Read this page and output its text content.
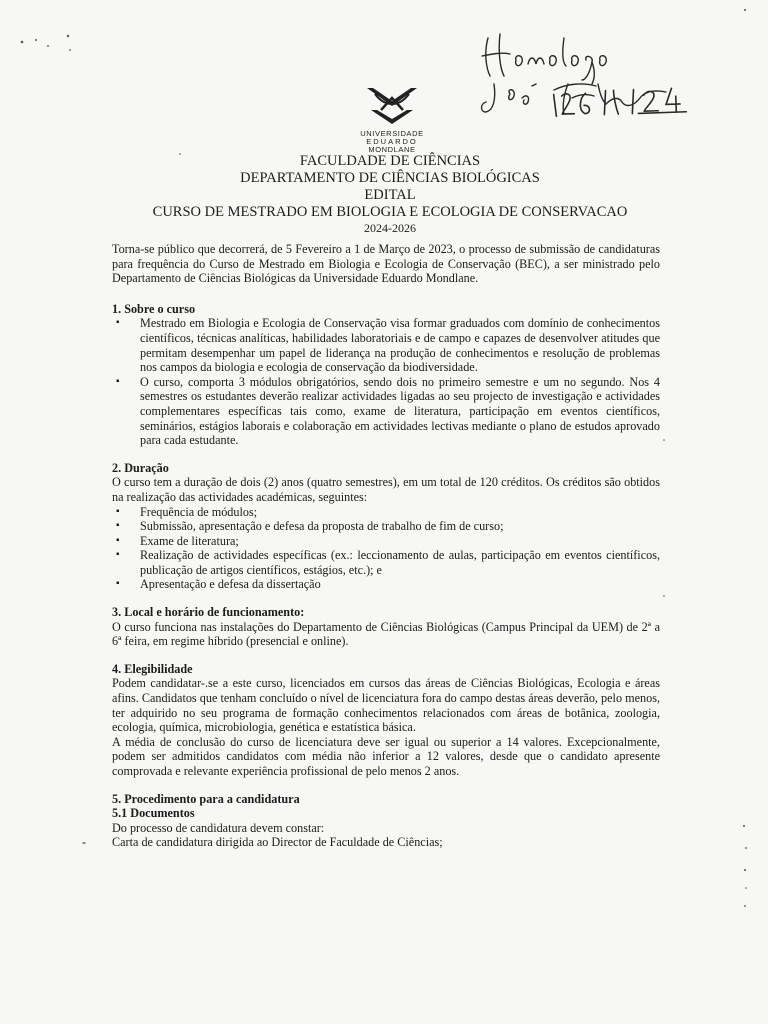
UNIVERSIDADE
EDUARDO
MONDLANE
FACULDADE DE CIÊNCIAS
DEPARTAMENTO DE CIÊNCIAS BIOLÓGICAS
EDITAL
CURSO DE MESTRADO EM BIOLOGIA E ECOLOGIA DE CONSERVACAO
2024-2026

Torna-se público que decorrerá, de 5 Fevereiro a 1 de Março de 2023, o processo de submissão de candidaturas para frequência do Curso de Mestrado em Biologia e Ecologia de Conservação (BEC), a ser ministrado pelo Departamento de Ciências Biológicas da Universidade Eduardo Mondlane.

1. Sobre o curso

▪ Mestrado em Biologia e Ecologia de Conservação visa formar graduados com domínio de conhecimentos científicos, técnicas analíticas, habilidades laboratoriais e de campo e capazes de desenvolver atitudes que permitam desempenhar um papel de liderança na produção de conhecimentos e resolução de problemas nos campos da biologia e ecologia de conservação da biodiversidade.
▪ O curso, comporta 3 módulos obrigatórios, sendo dois no primeiro semestre e um no segundo. Nos 4 semestres os estudantes deverão realizar actividades ligadas ao seu projecto de investigação e actividades complementares específicas tais como, exame de literatura, participação em eventos científicos, seminários, estágios laborais e colaboração em actividades lectivas mediante o plano de estudos aprovado para cada estudante.

2. Duração

O curso tem a duração de dois (2) anos (quatro semestres), em um total de 120 créditos. Os créditos são obtidos na realização das actividades académicas, seguintes:

▪ Frequência de módulos;
▪ Submissão, apresentação e defesa da proposta de trabalho de fim de curso;
▪ Exame de literatura;
▪ Realização de actividades específicas (ex.: leccionamento de aulas, participação em eventos científicos, publicação de artigos científicos, estágios, etc.); e
▪ Apresentação e defesa da dissertação

3. Local e horário de funcionamento:

O curso funciona nas instalações do Departamento de Ciências Biológicas (Campus Principal da UEM) de 2ª a 6ª feira, em regime híbrido (presencial e online).

4. Elegibilidade

Podem candidatar-.se a este curso, licenciados em cursos das áreas de Ciências Biológicas, Ecologia e áreas afins. Candidatos que tenham concluído o nível de licenciatura fora do campo destas áreas deverão, pelo menos, ter adquirido no seu programa de formação conhecimentos relacionados com áreas de botânica, zoologia, ecologia, química, microbiologia, genética e estatística básica.

A média de conclusão do curso de licenciatura deve ser igual ou superior a 14 valores. Excepcionalmente, podem ser admitidos candidatos com média não inferior a 12 valores, desde que o candidato apresente comprovada e relevante experiência profissional de pelo menos 2 anos.

5. Procedimento para a candidatura

5.1 Documentos

Do processo de candidatura devem constar:

- Carta de candidatura dirigida ao Director de Faculdade de Ciências;
